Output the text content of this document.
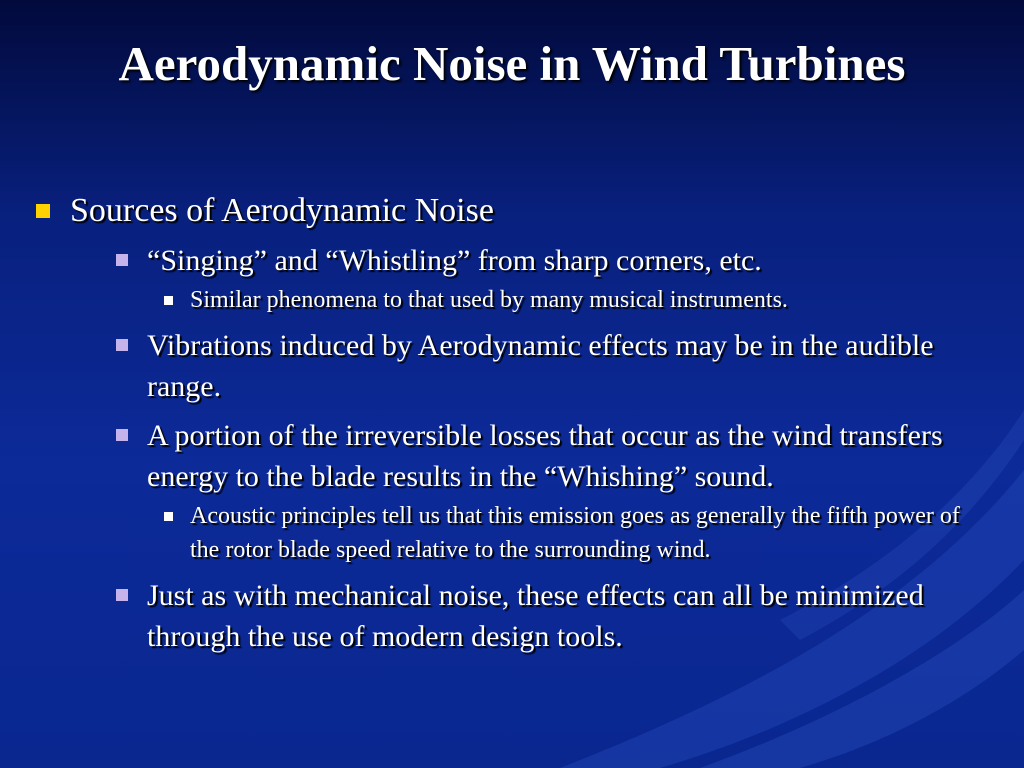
Aerodynamic Noise in Wind Turbines
Sources of Aerodynamic Noise
“Singing” and “Whistling” from sharp corners, etc.
Similar phenomena to that used by many musical instruments.
Vibrations induced by Aerodynamic effects may be in the audible range.
A portion of the irreversible losses that occur as the wind transfers energy to the blade results in the “Whishing” sound.
Acoustic principles tell us that this emission goes as generally the fifth power of the rotor blade speed relative to the surrounding wind.
Just as with mechanical noise, these effects can all be minimized through the use of modern design tools.
